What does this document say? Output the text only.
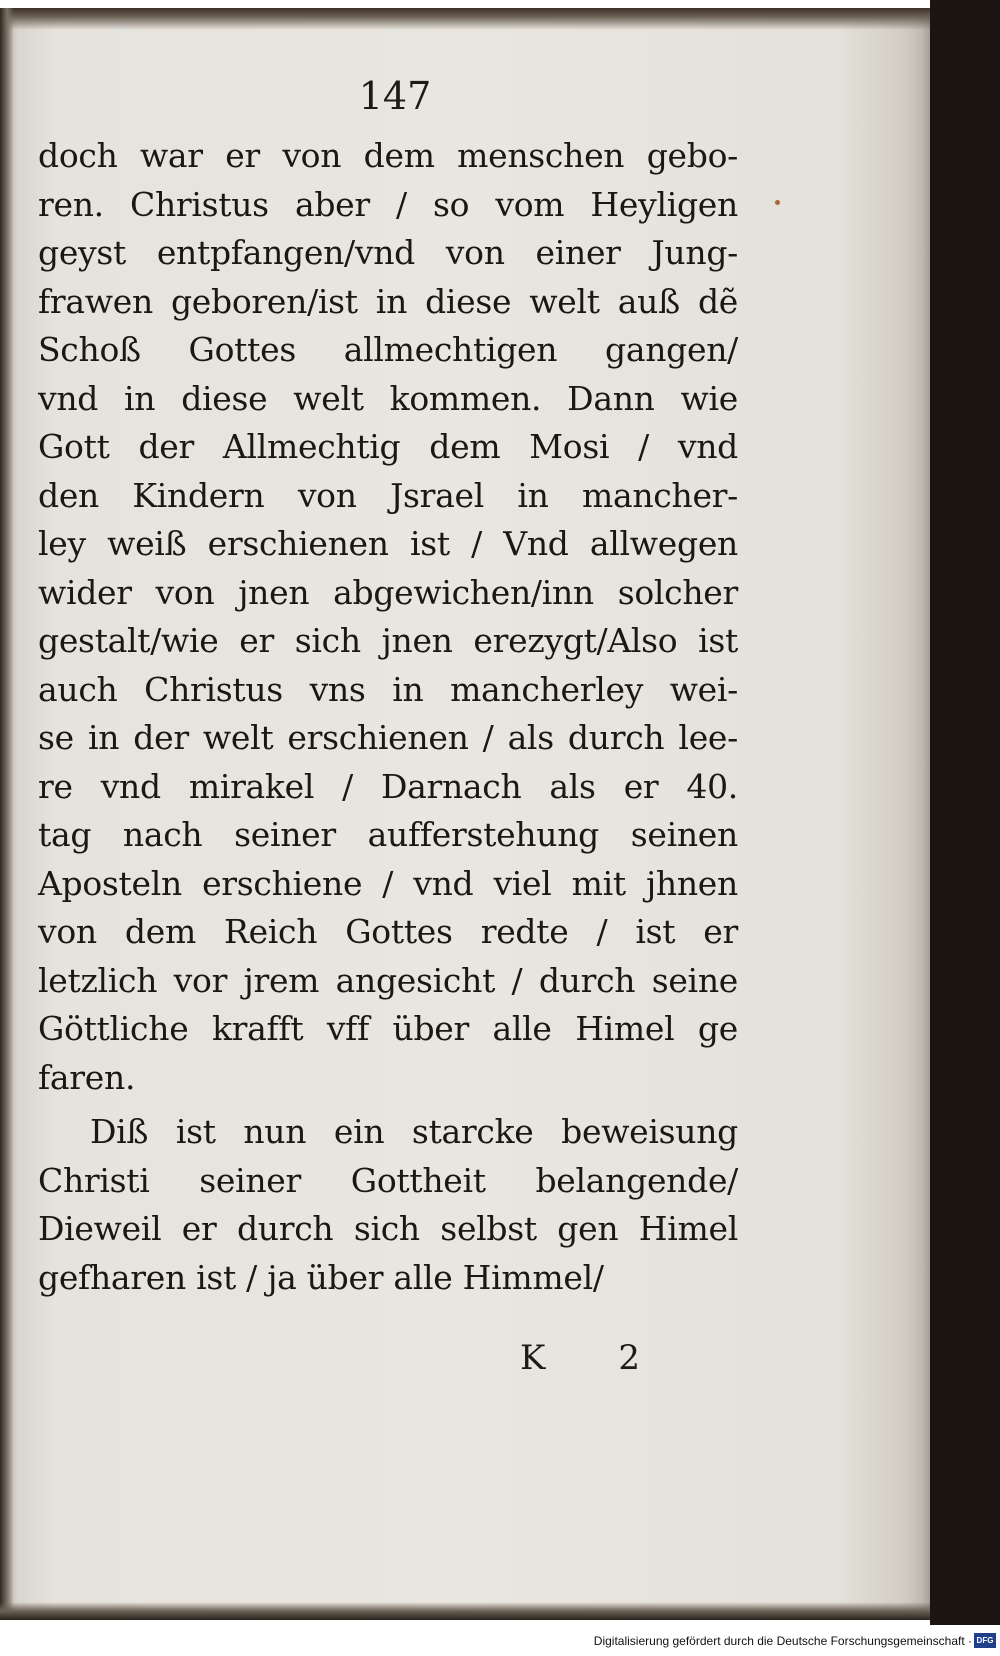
147
doch war er von dem menschen gebo-
ren. Christus aber / so vom Heyligen
geyst entpfangen/vnd von einer Jung-
frawen geboren/ist in diese welt auß dẽ
Schoß Gottes allmechtigen gangen/
vnd in diese welt kommen. Dann wie
Gott der Allmechtig dem Mosi / vnd
den Kindern von Jsrael in mancher-
ley weiß erschienen ist / Vnd allwegen
wider von jnen abgewichen/inn solcher
gestalt/wie er sich jnen erezygt/Also ist
auch Christus vns in mancherley wei-
se in der welt erschienen / als durch lee-
re vnd mirakel / Darnach als er 40.
tag nach seiner aufferstehung seinen
Aposteln erschiene / vnd viel mit jhnen
von dem Reich Gottes redte / ist er
letzlich vor jrem angesicht / durch seine
Göttliche krafft vff über alle Himel ge
faren.
Diß ist nun ein starcke beweisung
Christi seiner Gottheit belangende/
Dieweil er durch sich selbst gen Himel
gefharen ist / ja über alle Himmel/
K 2
Digitalisierung gefördert durch die Deutsche Forschungsgemeinschaft · DFG
